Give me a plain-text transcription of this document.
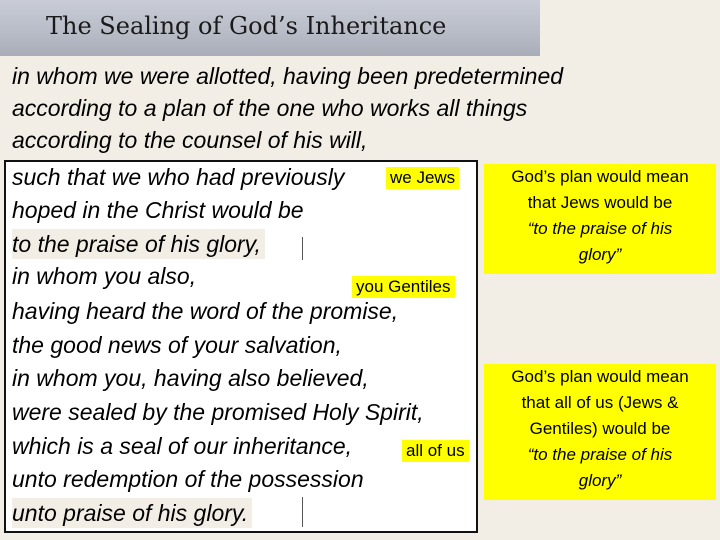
The Sealing of God’s Inheritance
in whom we were allotted, having been predetermined
according to a plan of the one who works all things
according to the counsel of his will,
such that we who had previously
hoped in the Christ would be
to the praise of his glory,
in whom you also,
having heard the word of the promise,
the good news of your salvation,
in whom you, having also believed,
were sealed by the promised Holy Spirit,
which is a seal of our inheritance,
unto redemption of the possession
unto praise of his glory.
we Jews
you Gentiles
all of us
God’s plan would mean
that Jews would be
“to the praise of his
glory”
God’s plan would mean
that all of us (Jews &
Gentiles) would be
“to the praise of his
glory”
